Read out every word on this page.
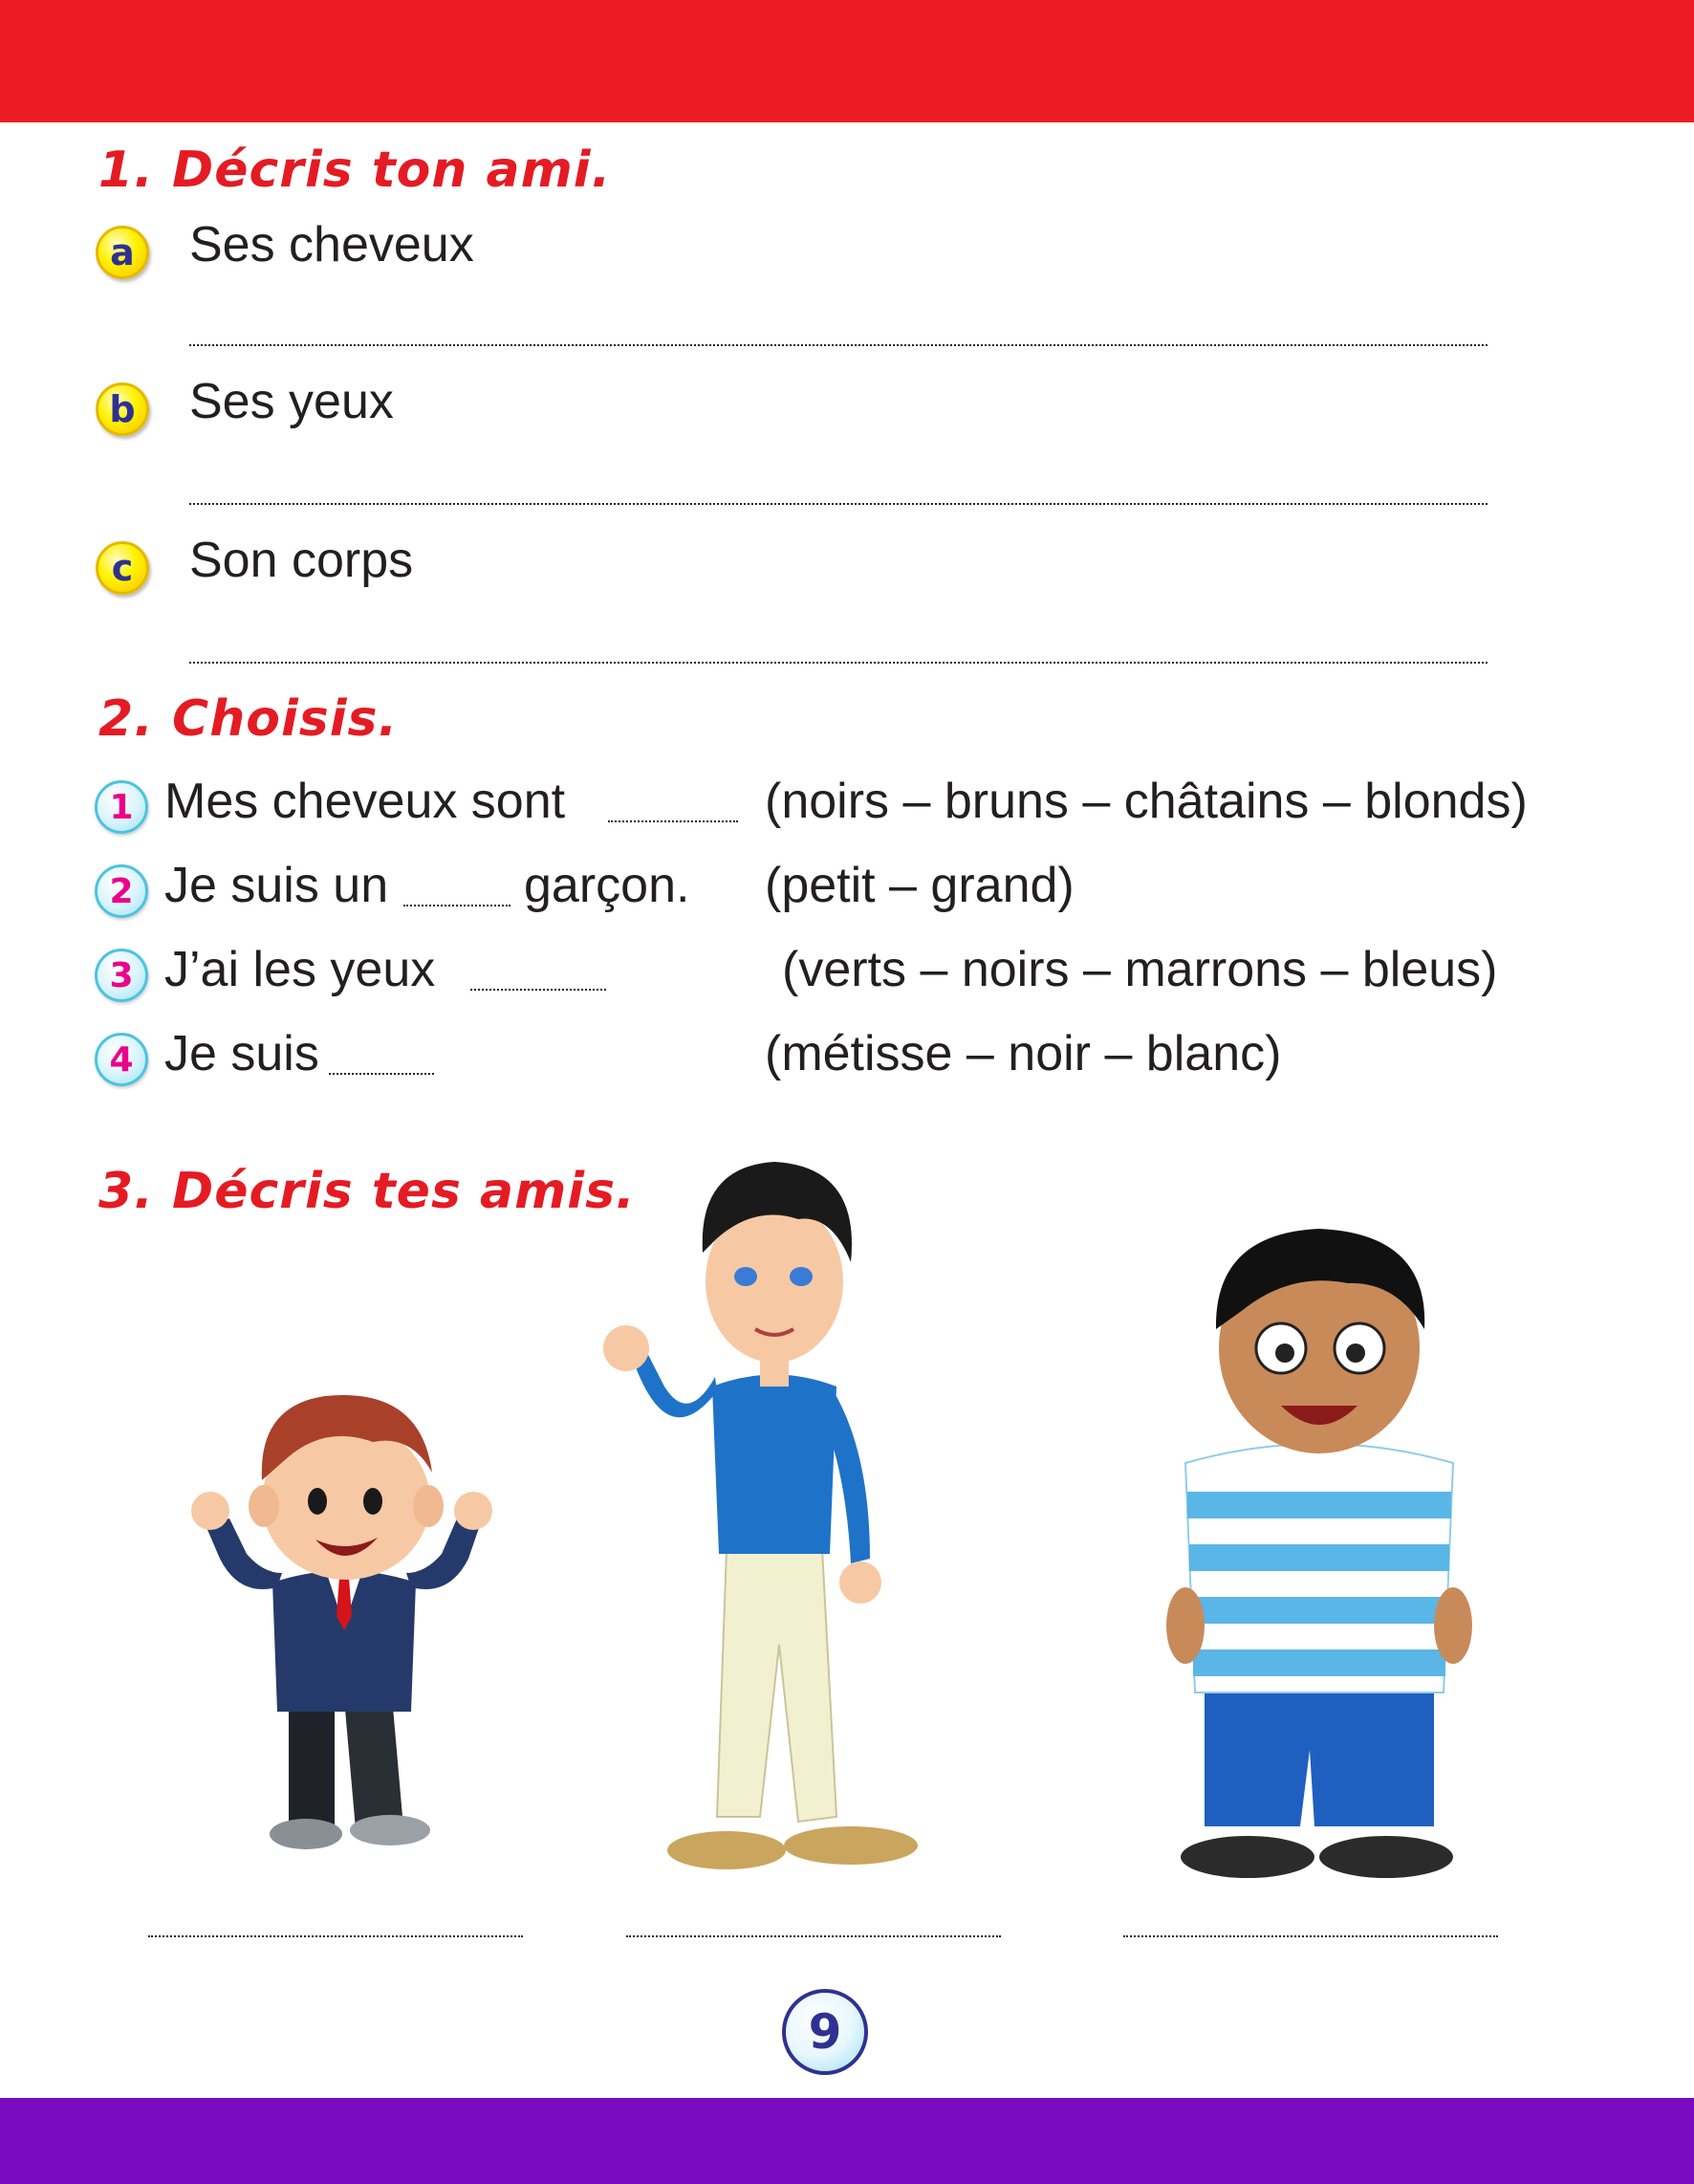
1. Décris ton ami.
a Ses cheveux
b Ses yeux
c	Son corps
2. Choisis.
1 Mes cheveux sont	(noirs – bruns – châtains – blonds)
2 Je suis un	garçon. (petit – grand)
3 J’ai les yeux	(verts – noirs – marrons – bleus)
4 Je suis	(métisse – noir – blanc)
3. Décris tes amis.
9
